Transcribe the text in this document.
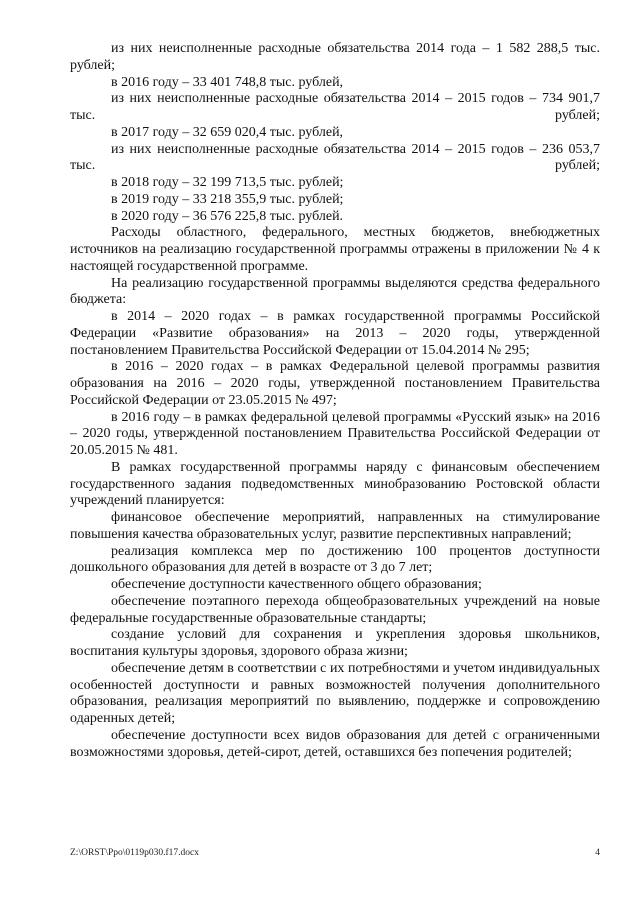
из них неисполненные расходные обязательства 2014 года – 1 582 288,5 тыс. рублей;

в 2016 году – 33 401 748,8 тыс. рублей,

из них неисполненные расходные обязательства 2014 – 2015 годов – 734 901,7 тыс. рублей;

в 2017 году – 32 659 020,4 тыс. рублей,

из них неисполненные расходные обязательства 2014 – 2015 годов – 236 053,7 тыс. рублей;

в 2018 году – 32 199 713,5 тыс. рублей;

в 2019 году – 33 218 355,9 тыс. рублей;

в 2020 году – 36 576 225,8 тыс. рублей.

Расходы областного, федерального, местных бюджетов, внебюджетных источников на реализацию государственной программы отражены в приложении № 4 к настоящей государственной программе.

На реализацию государственной программы выделяются средства федерального бюджета:

в 2014 – 2020 годах – в рамках государственной программы Российской Федерации «Развитие образования» на 2013 – 2020 годы, утвержденной постановлением Правительства Российской Федерации от 15.04.2014 № 295;

в 2016 – 2020 годах – в рамках Федеральной целевой программы развития образования на 2016 – 2020 годы, утвержденной постановлением Правительства Российской Федерации от 23.05.2015 № 497;

в 2016 году – в рамках федеральной целевой программы «Русский язык» на 2016 – 2020 годы, утвержденной постановлением Правительства Российской Федерации от 20.05.2015 № 481.

В рамках государственной программы наряду с финансовым обеспечением государственного задания подведомственных минобразованию Ростовской области учреждений планируется:

финансовое обеспечение мероприятий, направленных на стимулирование повышения качества образовательных услуг, развитие перспективных направлений;

реализация комплекса мер по достижению 100 процентов доступности дошкольного образования для детей в возрасте от 3 до 7 лет;

обеспечение доступности качественного общего образования;

обеспечение поэтапного перехода общеобразовательных учреждений на новые федеральные государственные образовательные стандарты;

создание условий для сохранения и укрепления здоровья школьников, воспитания культуры здоровья, здорового образа жизни;

обеспечение детям в соответствии с их потребностями и учетом индивидуальных особенностей доступности и равных возможностей получения дополнительного образования, реализация мероприятий по выявлению, поддержке и сопровождению одаренных детей;

обеспечение доступности всех видов образования для детей с ограниченными возможностями здоровья, детей-сирот, детей, оставшихся без попечения родителей;

Z:\ORST\Ppo\0119p030.f17.docx	4
